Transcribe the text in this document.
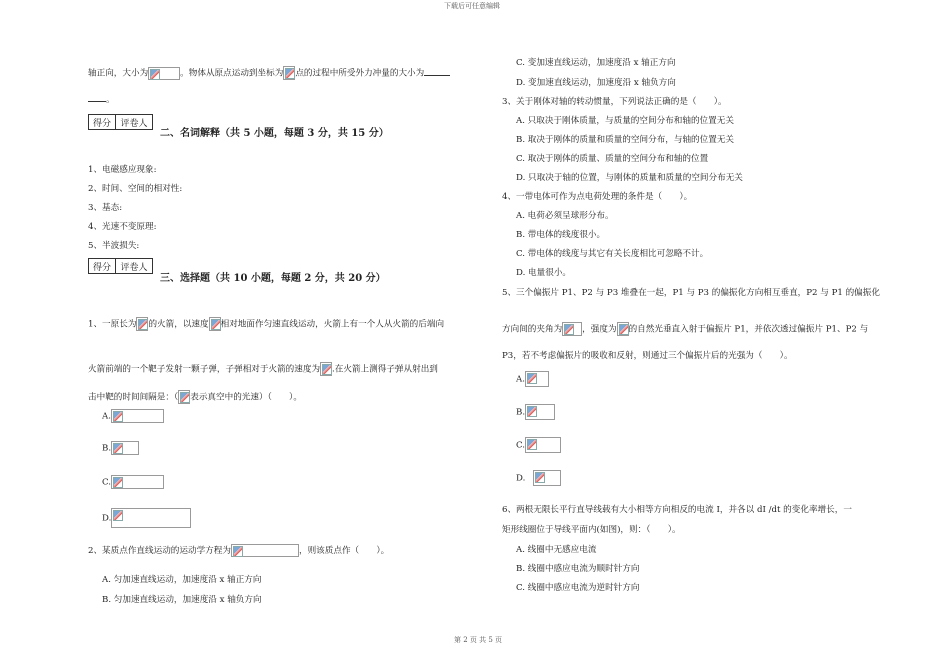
下载后可任意编辑
第 2 页 共 5 页
轴正向，大小为	。物体从原点运动到坐标为 点的过程中所受外力冲量的大小为
。
得分	评卷人
二、名词解释（共 5 小题，每题 3 分，共 15 分）
1、电磁感应现象:
2、时间、空间的相对性:
3、基态:
4、光速不变原理:
5、半波损失:
得分	评卷人
三、选择题（共 10 小题，每题 2 分，共 20 分）
1、一原长为 的火箭，以速度 相对地面作匀速直线运动，火箭上有一个人从火箭的后端向
火箭前端的一个靶子发射一颗子弹，子弹相对于火箭的速度为 .在火箭上测得子弹从射出到
击中靶的时间间隔是：（ 表示真空中的光速）（　　）。
A.
B.
C.
D.
2、某质点作直线运动的运动学方程为	，则该质点作（　　）。
A. 匀加速直线运动，加速度沿 x 轴正方向
B. 匀加速直线运动，加速度沿 x 轴负方向
C. 变加速直线运动，加速度沿 x 轴正方向
D. 变加速直线运动，加速度沿 x 轴负方向
3、关于刚体对轴的转动惯量，下列说法正确的是（　　）。
A. 只取决于刚体质量，与质量的空间分布和轴的位置无关
B. 取决于刚体的质量和质量的空间分布，与轴的位置无关
C. 取决于刚体的质量、质量的空间分布和轴的位置
D. 只取决于轴的位置，与刚体的质量和质量的空间分布无关
4、一带电体可作为点电荷处理的条件是（　　）。
A. 电荷必须呈球形分布。
B. 带电体的线度很小。
C. 带电体的线度与其它有关长度相比可忽略不计。
D. 电量很小。
5、三个偏振片 P1、P2 与 P3 堆叠在一起，P1 与 P3 的偏振化方向相互垂直，P2 与 P1 的偏振化
方向间的夹角为 ，强度为 的自然光垂直入射于偏振片 P1，并依次透过偏振片 P1、P2 与
P3，若不考虑偏振片的吸收和反射，则通过三个偏振片后的光强为（　　）。
A.
B.
C.
D.
6、两根无限长平行直导线载有大小相等方向相反的电流 I，并各以 dI /dt 的变化率增长，一
矩形线圈位于导线平面内(如图)，则：（　　）。
A. 线圈中无感应电流
B. 线圈中感应电流为顺时针方向
C. 线圈中感应电流为逆时针方向
